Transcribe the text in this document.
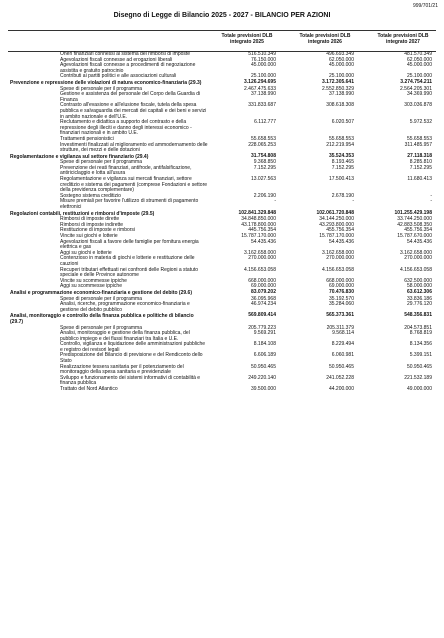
999/701/21
Disegno di Legge di Bilancio 2025 - 2027 - BILANCIO PER AZIONI
Totale previsioni DLB integrato 2025
Totale previsioni DLB integrato 2026
Totale previsioni DLB integrato 2027
Oneri finanziari connessi al sistema dei rimborsi di imposte	516.510.349	496.693.349	481.570.349
Agevolazioni fiscali connesse ad erogazioni liberali	76.150.000	62.050.000	62.050.000
Agevolazioni fiscali connesse a procedimenti di negoziazione assistita e gratuito patrocinio
45.000.000	45.000.000	45.000.000
Contributi ai partiti politici e alle associazioni culturali	25.100.000	25.100.000	25.100.000
Prevenzione e repressione delle violazioni di natura economico-finanziaria (29.3)	3.126.294.695	3.172.305.641	3.274.754.211
Spese di personale per il programma	2.467.475.633	2.552.850.329	2.564.205.301
Gestione e assistenza del personale del Corpo della Guardia di Finanza
37.138.990	37.138.990	34.369.990
Contrasto all'evasione e all'elusione fiscale, tutela della spesa pubblica e salvaguardia dei mercati dei capitali e dei beni e servizi in ambito nazionale e dell'U.E.
331.833.687	308.618.308	303.036.878
Reclutamento e didattica a supporto del contrasto e della repressione degli illeciti e danno degli interessi economico - finanziari nazionali e in ambito U.E.
6.112.777	6.020.507	5.972.532
Trattamenti pensionistici	55.658.553	55.658.553	55.658.553
Investimenti finalizzati al miglioramento ed ammodernamento delle strutture, dei mezzi e delle dotazioni
228.065.253	212.219.954	311.485.957
Regolamentazione e vigilanza sul settore finanziario (29.4)	31.754.808	35.524.353	27.118.318
Spese di personale per il programma	9.368.850	8.193.465	8.285.810
Prevenzione dei reati finanziari, antifrode, antifalsificazione, antiriciclaggio e lotta all'usura
7.152.295	7.152.295	7.152.295
Regolamentazione e vigilanza sui mercati finanziari, settore creditizio e sistema dei pagamenti (comprese Fondazioni e settore della previdenza complementare)
13.027.563	17.500.413	11.680.413
Sostegno sistema creditizio	2.206.190	2.678.190	-
Misure premiali per favorire l'utilizzo di strumenti di pagamento elettronici
-	-	-
Regolazioni contabili, restituzioni e rimborsi d'imposte (29.5)	102.841.329.848	102.061.720.848	101.255.429.198
Rimborsi di imposte dirette	34.848.850.000	34.144.250.000	33.744.250.000
Rimborsi di imposte indirette	43.178.800.000	43.293.800.000	42.883.508.350
Restituzione di imposte e rimborsi	445.756.354	455.756.354	455.756.354
Vincite sui giochi e lotterie	15.787.170.000	15.787.170.000	15.787.670.000
Agevolazioni fiscali a favore delle famiglie per fornitura energia elettrica e gas
54.435.436	54.435.436	54.435.436
Aggi su giochi e lotterie	3.162.658.000	3.162.658.000	3.162.658.000
Contenzioso in materia di giochi e lotterie e restituzione delle cauzioni
270.000.000	270.000.000	270.000.000
Recuperi tributari effettuati nei confronti delle Regioni a statuto speciale e delle Province autonome
4.156.653.058	4.156.653.058	4.156.653.058
Vincite su scommesse ippiche	668.000.000	668.000.000	632.500.000
Aggi su scommesse ippiche	69.000.000	69.000.000	58.000.000
Analisi e programmazione economico-finanziaria e gestione del debito (29.6)	83.079.202	70.476.830	63.612.306
Spese di personale per il programma	36.095.968	35.192.570	33.836.186
Analisi, ricerche, programmazione economico-finanziaria e gestione del debito pubblico
46.974.234	35.284.060	29.776.120
Analisi, monitoraggio e controllo della finanza pubblica e politiche di bilancio (29.7)
569.809.414	565.373.361	548.356.831
Spese di personale per il programma	205.779.223	205.311.379	204.573.851
Analisi, monitoraggio e gestione della finanza pubblica, del pubblico impiego e dei flussi finanziari tra Italia e U.E.
9.569.291	9.568.114	8.768.819
Controllo, vigilanza e liquidazione delle amministrazioni pubbliche e registro dei revisori legali
8.184.108	8.229.494	8.134.356
Predisposizione del Bilancio di previsione e del Rendiconto dello Stato
6.606.189	6.060.981	5.399.151
Realizzazione tessera sanitaria per il potenziamento del monitoraggio della spesa sanitaria e previdenziale
50.950.465	50.950.465	50.950.465
Sviluppo e funzionamento dei sistemi informativi di contabilità e finanza pubblica
249.220.140	241.052.228	221.532.189
Trattato del Nord Atlantico	39.500.000	44.200.000	49.000.000
